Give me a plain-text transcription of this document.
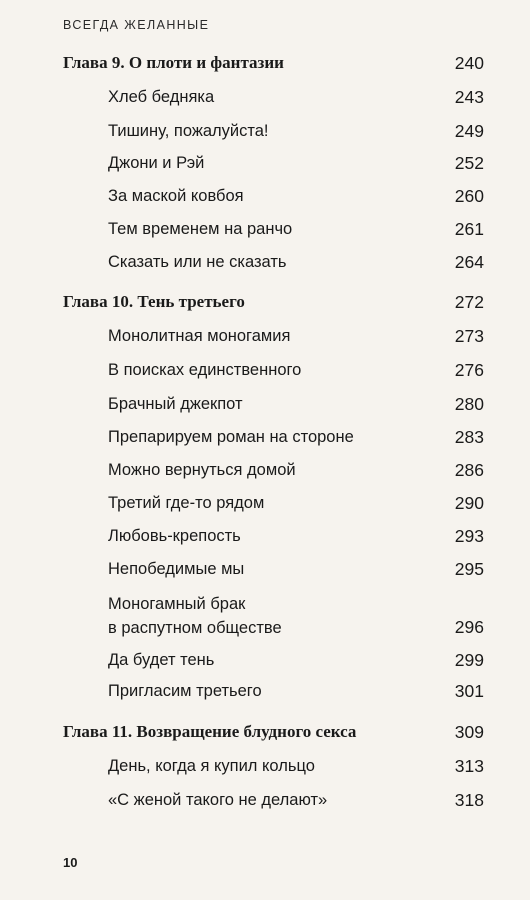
ВСЕГДА ЖЕЛАННЫЕ
Глава 9. О плоти и фантазии	240
Хлеб бедняка	243
Тишину, пожалуйста!	249
Джони и Рэй	252
За маской ковбоя	260
Тем временем на ранчо	261
Сказать или не сказать	264
Глава 10. Тень третьего	272
Монолитная моногамия	273
В поисках единственного	276
Брачный джекпот	280
Препарируем роман на стороне	283
Можно вернуться домой	286
Третий где-то рядом	290
Любовь-крепость	293
Непобедимые мы	295
Моногамный брак
в распутном обществе	296
Да будет тень	299
Пригласим третьего	301
Глава 11. Возвращение блудного секса	309
День, когда я купил кольцо	313
«С женой такого не делают»	318
10
